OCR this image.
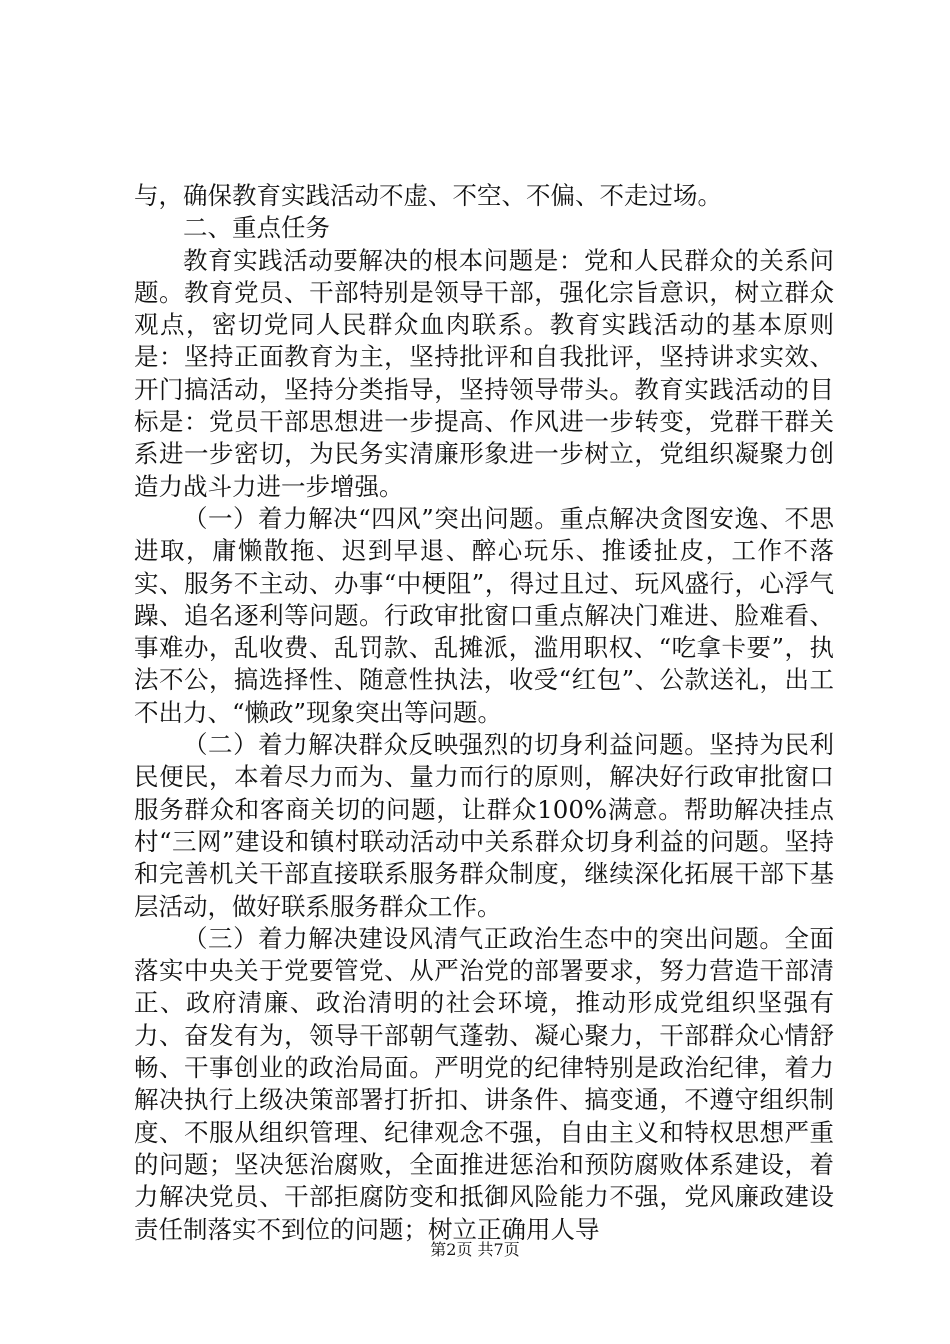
与，确保教育实践活动不虚、不空、不偏、不走过场。

二、重点任务

教育实践活动要解决的根本问题是：党和人民群众的关系问题。教育党员、干部特别是领导干部，强化宗旨意识，树立群众观点，密切党同人民群众血肉联系。教育实践活动的基本原则是：坚持正面教育为主，坚持批评和自我批评，坚持讲求实效、开门搞活动，坚持分类指导，坚持领导带头。教育实践活动的目标是：党员干部思想进一步提高、作风进一步转变，党群干群关系进一步密切，为民务实清廉形象进一步树立，党组织凝聚力创造力战斗力进一步增强。

（一）着力解决“四风”突出问题。重点解决贪图安逸、不思进取，庸懒散拖、迟到早退、醉心玩乐、推诿扯皮，工作不落实、服务不主动、办事“中梗阻”，得过且过、玩风盛行，心浮气躁、追名逐利等问题。行政审批窗口重点解决门难进、脸难看、事难办，乱收费、乱罚款、乱摊派，滥用职权、“吃拿卡要”，执法不公，搞选择性、随意性执法，收受“红包”、公款送礼，出工不出力、“懒政”现象突出等问题。

（二）着力解决群众反映强烈的切身利益问题。坚持为民利民便民，本着尽力而为、量力而行的原则，解决好行政审批窗口服务群众和客商关切的问题，让群众100%满意。帮助解决挂点村“三网”建设和镇村联动活动中关系群众切身利益的问题。坚持和完善机关干部直接联系服务群众制度，继续深化拓展干部下基层活动，做好联系服务群众工作。

（三）着力解决建设风清气正政治生态中的突出问题。全面落实中央关于党要管党、从严治党的部署要求，努力营造干部清正、政府清廉、政治清明的社会环境，推动形成党组织坚强有力、奋发有为，领导干部朝气蓬勃、凝心聚力，干部群众心情舒畅、干事创业的政治局面。严明党的纪律特别是政治纪律，着力解决执行上级决策部署打折扣、讲条件、搞变通，不遵守组织制度、不服从组织管理、纪律观念不强，自由主义和特权思想严重的问题；坚决惩治腐败，全面推进惩治和预防腐败体系建设，着力解决党员、干部拒腐防变和抵御风险能力不强，党风廉政建设责任制落实不到位的问题；树立正确用人导

第2页 共7页
